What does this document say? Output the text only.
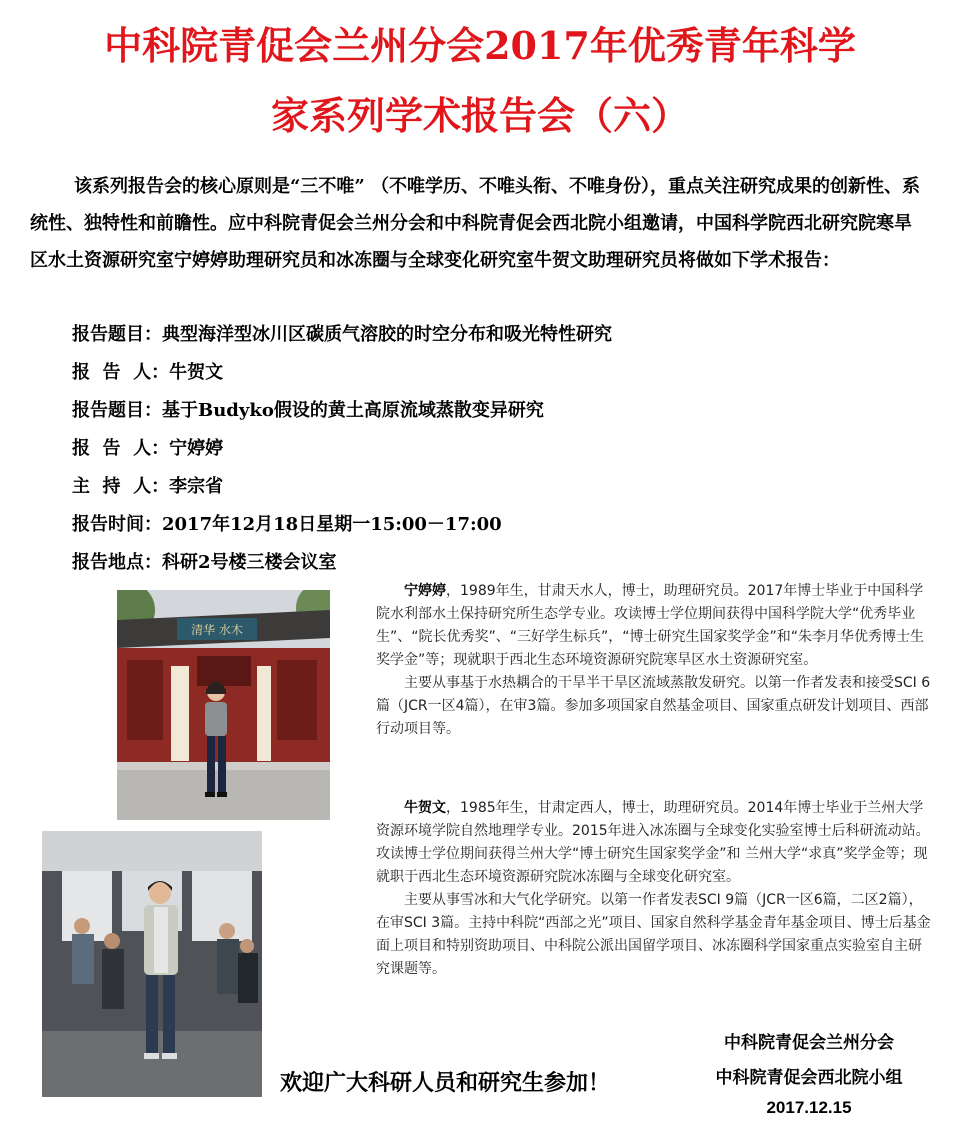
中科院青促会兰州分会2017年优秀青年科学
家系列学术报告会（六）

该系列报告会的核心原则是“三不唯” （不唯学历、不唯头衔、不唯身份），重点关注研究成果的创新性、系统性、独特性和前瞻性。应中科院青促会兰州分会和中科院青促会西北院小组邀请，中国科学院西北研究院寒旱区水土资源研究室宁婷婷助理研究员和冰冻圈与全球变化研究室牛贺文助理研究员将做如下学术报告：

报告题目：典型海洋型冰川区碳质气溶胶的时空分布和吸光特性研究
报  告  人：牛贺文
报告题目：基于Budyko假设的黄土高原流域蒸散变异研究
报  告  人：宁婷婷
主  持  人：李宗省
报告时间：2017年12月18日星期一15:00－17:00
报告地点：科研2号楼三楼会议室
清华 水木

宁婷婷，1989年生，甘肃天水人，博士，助理研究员。2017年博士毕业于中国科学院水利部水土保持研究所生态学专业。攻读博士学位期间获得中国科学院大学“优秀毕业生”、“院长优秀奖”、“三好学生标兵”，“博士研究生国家奖学金”和“朱李月华优秀博士生奖学金”等；现就职于西北生态环境资源研究院寒旱区水土资源研究室。

主要从事基于水热耦合的干旱半干旱区流域蒸散发研究。以第一作者发表和接受SCI 6篇（JCR一区4篇），在审3篇。参加多项国家自然基金项目、国家重点研发计划项目、西部行动项目等。

牛贺文，1985年生，甘肃定西人，博士，助理研究员。2014年博士毕业于兰州大学资源环境学院自然地理学专业。2015年进入冰冻圈与全球变化实验室博士后科研流动站。攻读博士学位期间获得兰州大学“博士研究生国家奖学金”和 兰州大学“求真”奖学金等；现就职于西北生态环境资源研究院冰冻圈与全球变化研究室。

主要从事雪冰和大气化学研究。以第一作者发表SCI 9篇（JCR一区6篇，二区2篇），在审SCI 3篇。主持中科院“西部之光”项目、国家自然科学基金青年基金项目、博士后基金面上项目和特别资助项目、中科院公派出国留学项目、冰冻圈科学国家重点实验室自主研究课题等。

欢迎广大科研人员和研究生参加！
中科院青促会兰州分会
中科院青促会西北院小组
2017.12.15
